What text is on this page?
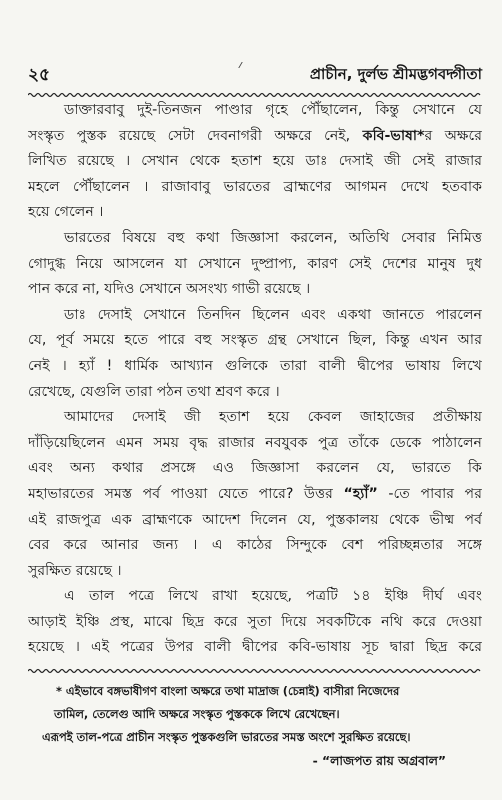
২৫	প্রাচীন, দুর্লভ শ্রীমদ্ভগবদ্গীতা
ডাক্তারবাবু দুই-তিনজন পাণ্ডার গৃহে পৌঁছালেন, কিন্তু সেখানে যে
সংস্কৃত পুস্তক রয়েছে সেটা দেবনাগরী অক্ষরে নেই, কবি-ভাষা*র অক্ষরে
লিখিত রয়েছে । সেখান থেকে হতাশ হয়ে ডাঃ দেসাই জী সেই রাজার
মহলে পৌঁছালেন । রাজাবাবু ভারতের ব্রাহ্মণের আগমন দেখে হতবাক
হয়ে গেলেন ।
ভারতের বিষয়ে বহু কথা জিজ্ঞাসা করলেন, অতিথি সেবার নিমিত্ত
গোদুগ্ধ নিয়ে আসলেন যা সেখানে দুষ্প্রাপ্য, কারণ সেই দেশের মানুষ দুধ
পান করে না, যদিও সেখানে অসংখ্য গাভী রয়েছে ।
ডাঃ দেসাই সেখানে তিনদিন ছিলেন এবং একথা জানতে পারলেন
যে, পূর্ব সময়ে হতে পারে বহু সংস্কৃত গ্রন্থ সেখানে ছিল, কিন্তু এখন আর
নেই । হ্যাঁ ! ধার্মিক আখ্যান গুলিকে তারা বালী দ্বীপের ভাষায় লিখে
রেখেছে, যেগুলি তারা পঠন তথা শ্রবণ করে ।
আমাদের দেসাই জী হতাশ হয়ে কেবল জাহাজের প্রতীক্ষায়
দাঁড়িয়েছিলেন এমন সময় বৃদ্ধ রাজার নবযুবক পুত্র তাঁকে ডেকে পাঠালেন
এবং অন্য কথার প্রসঙ্গে এও জিজ্ঞাসা করলেন যে, ভারতে কি
মহাভারতের সমস্ত পর্ব পাওয়া যেতে পারে? উত্তর “হ্যাঁ” -তে পাবার পর
এই রাজপুত্র এক ব্রাহ্মণকে আদেশ দিলেন যে, পুস্তকালয় থেকে ভীষ্ম পর্ব
বের করে আনার জন্য । এ কাঠের সিন্দুকে বেশ পরিচ্ছন্নতার সঙ্গে
সুরক্ষিত রয়েছে ।
এ তাল পত্রে লিখে রাখা হয়েছে, পত্রটি ১৪ ইঞ্চি দীর্ঘ এবং
আড়াই ইঞ্চি প্রস্থ, মাঝে ছিদ্র করে সুতা দিয়ে সবকটিকে নথি করে দেওয়া
হয়েছে । এই পত্রের উপর বালী দ্বীপের কবি-ভাষায় সূচ দ্বারা ছিদ্র করে
* এইভাবে বঙ্গভাষীগণ বাংলা অক্ষরে তথা মাদ্রাজ (চেন্নাই) বাসীরা নিজেদের
তামিল, তেলেগু আদি অক্ষরে সংস্কৃত পুস্তককে লিখে রেখেছেন।
এরূপই তাল-পত্রে প্রাচীন সংস্কৃত পুস্তকগুলি ভারতের সমস্ত অংশে সুরক্ষিত রয়েছে।
- “লাজপত রায় অগ্রবাল”
